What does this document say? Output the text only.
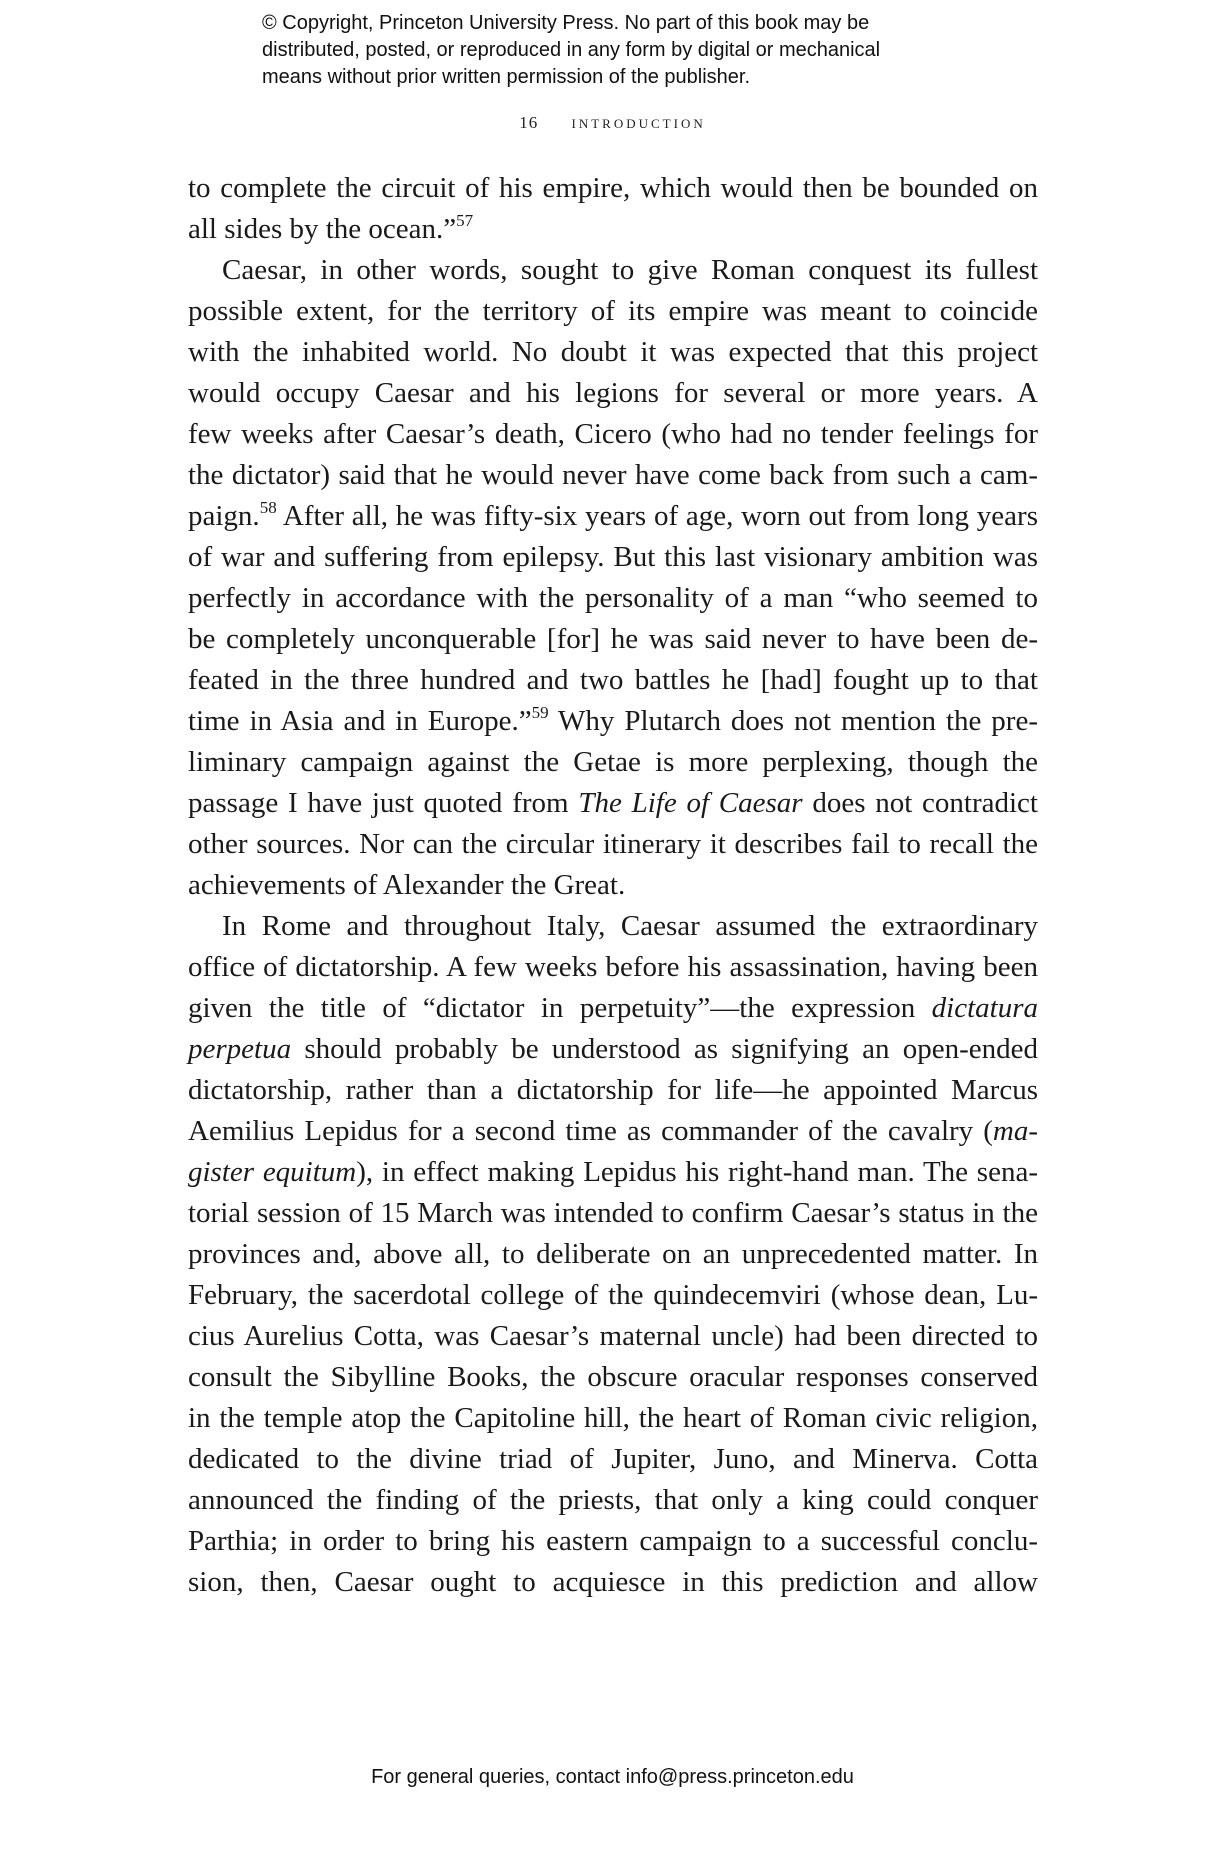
© Copyright, Princeton University Press. No part of this book may be
distributed, posted, or reproduced in any form by digital or mechanical
means without prior written permission of the publisher.
16 introduction
to complete the circuit of his empire, which would then be bounded on
all sides by the ocean.”$^{57}$
Caesar, in other words, sought to give Roman conquest its fullest
possible extent, for the territory of its empire was meant to coincide
with the inhabited world. No doubt it was expected that this project
would occupy Caesar and his legions for several or more years. A
few weeks after Caesar’s death, Cicero (who had no tender feelings for
the dictator) said that he would never have come back from such a cam-
paign.$^{58}$ After all, he was fifty-six years of age, worn out from long years
of war and suffering from epilepsy. But this last visionary ambition was
perfectly in accordance with the personality of a man “who seemed to
be completely unconquerable [for] he was said never to have been de-
feated in the three hundred and two battles he [had] fought up to that
time in Asia and in Europe.”$^{59}$ Why Plutarch does not mention the pre-
liminary campaign against the Getae is more perplexing, though the
passage I have just quoted from The Life of Caesar does not contradict
other sources. Nor can the circular itinerary it describes fail to recall the
achievements of Alexander the Great.
In Rome and throughout Italy, Caesar assumed the extraordinary
office of dictatorship. A few weeks before his assassination, having been
given the title of “dictator in perpetuity”—the expression dictatura
perpetua should probably be understood as signifying an open-ended
dictatorship, rather than a dictatorship for life—he appointed Marcus
Aemilius Lepidus for a second time as commander of the cavalry (ma-
gister equitum), in effect making Lepidus his right-hand man. The sena-
torial session of 15 March was intended to confirm Caesar’s status in the
provinces and, above all, to deliberate on an unprecedented matter. In
February, the sacerdotal college of the quindecemviri (whose dean, Lu-
cius Aurelius Cotta, was Caesar’s maternal uncle) had been directed to
consult the Sibylline Books, the obscure oracular responses conserved
in the temple atop the Capitoline hill, the heart of Roman civic religion,
dedicated to the divine triad of Jupiter, Juno, and Minerva. Cotta
announced the finding of the priests, that only a king could conquer
Parthia; in order to bring his eastern campaign to a successful conclu-
sion, then, Caesar ought to acquiesce in this prediction and allow
For general queries, contact info@press.princeton.edu
